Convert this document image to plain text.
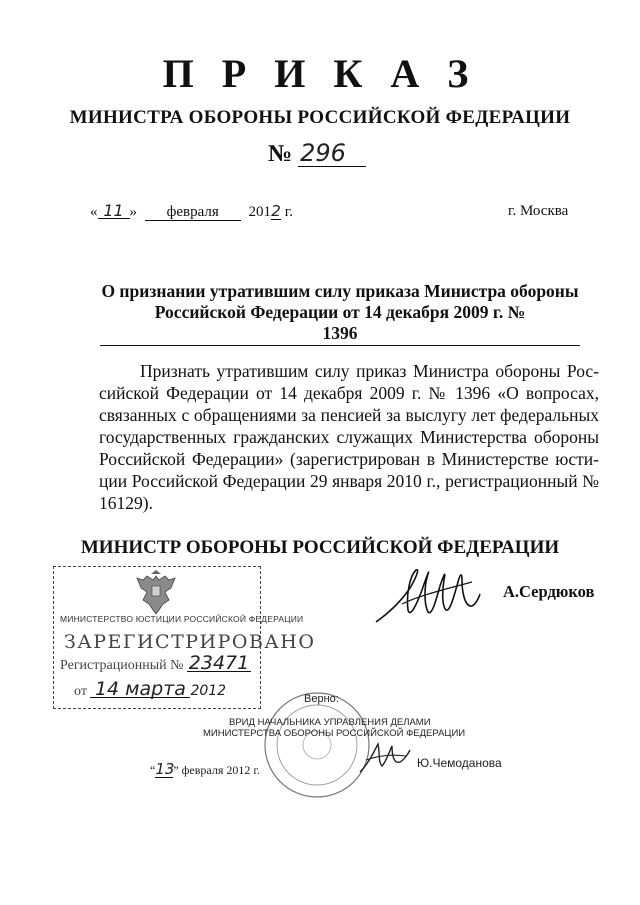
П Р И К А З
МИНИСТРА ОБОРОНЫ РОССИЙСКОЙ ФЕДЕРАЦИИ
№ 296
« 11 » февраля 2012 г.	г. Москва
О признании утратившим силу приказа Министра обороны
Российской Федерации от 14 декабря 2009 г. № 1396
Признать утратившим силу приказ Министра обороны Российской Федерации от 14 декабря 2009 г. № 1396 «О вопросах, связанных с обращениями за пенсией за выслугу лет федеральных государственных гражданских служащих Министерства обороны Российской Федерации» (зарегистрирован в Министерстве юстиции Российской Федерации 29 января 2010 г., регистрационный № 16129).
МИНИСТР ОБОРОНЫ РОССИЙСКОЙ ФЕДЕРАЦИИ
А.Сердюков
МИНИСТЕРСТВО ЮСТИЦИИ РОССИЙСКОЙ ФЕДЕРАЦИИ
ЗАРЕГИСТРИРОВАНО
Регистрационный № 23471
от 14 марта 2012	Верно:
ВРИД НАЧАЛЬНИКА УПРАВЛЕНИЯ ДЕЛАМИ
МИНИСТЕРСТВА ОБОРОНЫ РОССИЙСКОЙ ФЕДЕРАЦИИ
“13” февраля 2012 г.	Ю.Чемоданова
